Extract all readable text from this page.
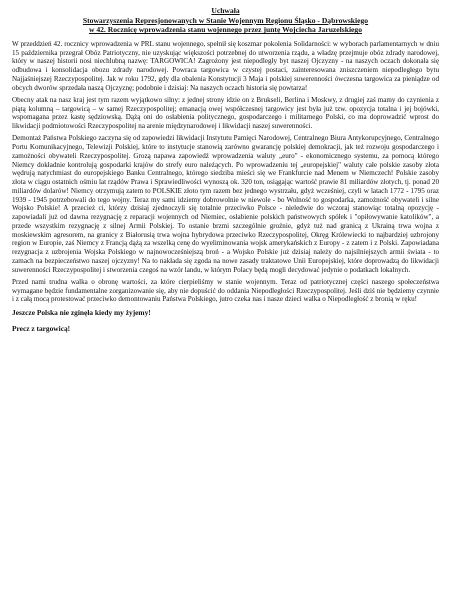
Uchwała
Stowarzyszenia Represjonowanych w Stanie Wojennym Regionu Śląsko - Dąbrowskiego
w 42. Rocznicę wprowadzenia stanu wojennego przez juntę Wojciecha Jaruzelskiego

W przeddzień 42. rocznicy wprowadzenia w PRL stanu wojennego, spełnił się koszmar pokolenia Solidarności: w wyborach parlamentarnych w dniu 15 października przegrał Obóz Patriotyczny, nie uzyskując większości potrzebnej do utworzenia rządu, a władzę przejmuje obóz zdrady narodowej, który w naszej historii nosi niechlubną nazwę: TARGOWICA! Zagrożony jest niepodległy byt naszej Ojczyzny - na naszych oczach dokonała się odbudowa i konsolidacja obozu zdrady narodowej. Powraca targowica w czystej postaci, zainteresowana zniszczeniem niepodległego bytu Najjaśniejszej Rzeczypospolitej. Jak w roku 1792, gdy dla obalenia Konstytucji 3 Maja i polskiej suwerenności ówczesna targowica za pieniądze od obcych dworów sprzedała naszą Ojczyznę; podobnie i dzisiaj: Na naszych oczach historia się powtarza!

Obecny atak na nasz kraj jest tym razem wyjątkowo silny: z jednej strony idzie on z Brukseli, Berlina i Moskwy, z drugiej zaś mamy do czynienia z piątą kolumną – targowicą – w samej Rzeczypospolitej; emanacją owej współczesnej targowicy jest była już tzw. opozycja totalna i jej bojówki, wspomagana przez kastę sędziowską. Dążą oni do osłabienia politycznego, gospodarczego i militarnego Polski, co ma doprowadzić wprost do likwidacji podmiotowości Rzeczypospolitej na arenie międzynarodowej i likwidacji naszej suwerenności.

Demontaż Państwa Polskiego zaczyna się od zapowiedzi likwidacji Instytutu Pamięci Narodowej, Centralnego Biura Antykorupcyjnego, Centralnego Portu Komunikacyjnego, Telewizji Polskiej, które to instytucje stanowią zarówno gwarancję polskiej demokracji, jak też rozwoju gospodarczego i zamożności obywateli Rzeczypospolitej. Grozą napawa zapowiedź wprowadzenia waluty „euro" - ekonomicznego systemu, za pomocą którego Niemcy dokładnie kontrolują gospodarki krajów do strefy euro należących. Po wprowadzeniu tej „europejskiej" waluty całe polskie zasoby złota wędrują natychmiast do europejskiego Banku Centralnego, którego siedziba mieści się we Frankfurcie nad Menem w Niemczech! Polskie zasoby złota w ciągu ostatnich ośmiu lat rządów Prawa i Sprawiedliwości wynoszą ok. 320 ton, osiągając wartość prawie 81 miliardów złotych, tj. ponad 20 miliardów dolarów! Niemcy otrzymują zatem to POLSKIE złoto tym razem bez jednego wystrzału, gdyż wcześniej, czyli w latach 1772 - 1795 oraz 1939 - 1945 potrzebowali do tego wojny. Teraz my sami idziemy dobrowolnie w niewole - bo Wolność to gospodarka, zamożność obywateli i silne Wojsko Polskie! A przecież ci, którzy dzisiaj zjednoczyli się totalnie przeciwko Polsce - nieledwie do wczoraj stanowiąc totalną opozycję - zapowiadali już od dawna rezygnację z reparacji wojennych od Niemiec, osłabienie polskich państwowych spółek i "opiłowywanie katolików", a przede wszystkim rezygnację z silnej Armii Polskiej. To ostanie brzmi szczególnie groźnie, gdyż tuż nad granicą z Ukrainą trwa wojna z moskiewskim agresorem, na granicy z Białorusią trwa wojna hybrydowa przeciwko Rzeczypospolitej, Okręg Królewiecki to najbardziej uzbrojony region w Europie, zaś Niemcy z Francją dążą za wszelką cenę do wyeliminowania wojsk amerykańskich z Europy - z zatem i z Polski. Zapowiadana rezygnacja z uzbrojenia Wojska Polskiego w najnowocześniejszą broń - a Wojsko Polskie już dzisiaj należy do najsilniejszych armii świata - to zamach na bezpieczeństwo naszej ojczyzny! Na to nakłada się zgoda na nowe zasady traktatowe Unii Europejskiej, które doprowadzą do likwidacji suwerenności Rzeczypospolitej i stworzenia czegoś na wzór landu, w którym Polacy będą mogli decydować jedynie o podatkach lokalnych.

Przed nami trudna walka o obronę wartości, za które cierpieliśmy w stanie wojennym. Teraz od patriotycznej części naszego społeczeństwa wymagane będzie fundamentalne zorganizowanie się, aby nie dopuścić do oddania Niepodległości Rzeczypospolitej. Jeśli dziś nie będziemy czynnie i z całą mocą protestować przeciwko demontowaniu Państwa Polskiego, jutro czeka nas i nasze dzieci walka o Niepodległość z bronią w ręku!

Jeszcze Polska nie zginęła kiedy my żyjemy!
Precz z targowicą!
